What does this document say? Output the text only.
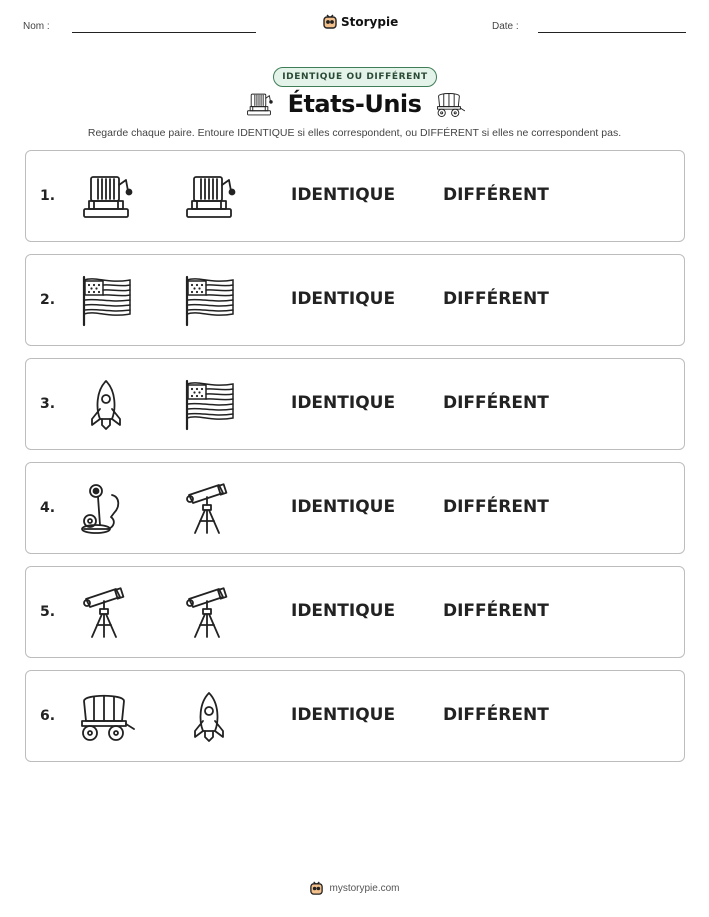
Nom :	Storypie	Date :
IDENTIQUE OU DIFFÉRENT
États-Unis
Regarde chaque paire. Entoure IDENTIQUE si elles correspondent, ou DIFFÉRENT si elles ne correspondent pas.
1.	IDENTIQUE	DIFFÉRENT
2.	IDENTIQUE	DIFFÉRENT
3.	IDENTIQUE	DIFFÉRENT
4.	IDENTIQUE	DIFFÉRENT
5.	IDENTIQUE	DIFFÉRENT
6.	IDENTIQUE	DIFFÉRENT
mystorypie.com
